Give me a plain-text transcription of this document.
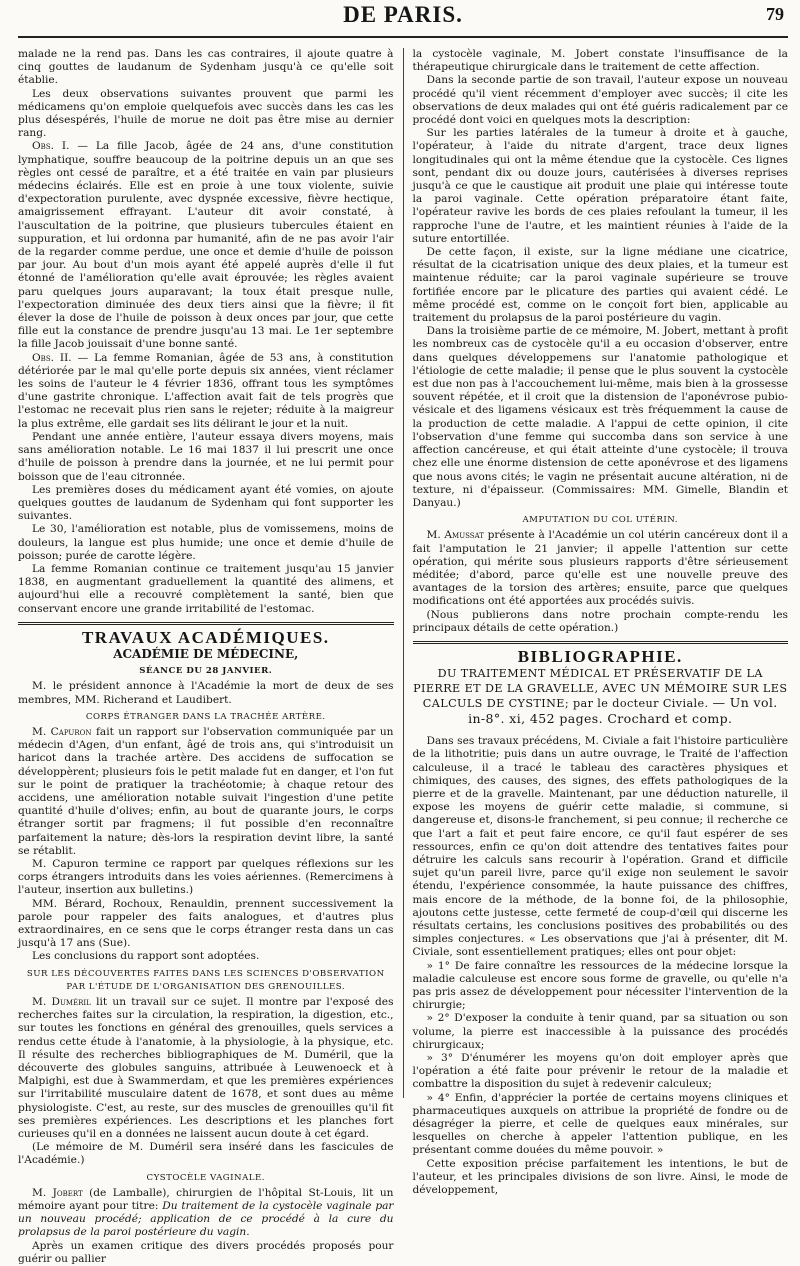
DE PARIS.	79

malade ne la rend pas. Dans les cas contraires, il ajoute quatre à cinq gouttes de laudanum de Sydenham jusqu'à ce qu'elle soit établie.

Les deux observations suivantes prouvent que parmi les médicamens qu'on emploie quelquefois avec succès dans les cas les plus désespérés, l'huile de morue ne doit pas être mise au dernier rang.

Obs. I. — La fille Jacob, âgée de 24 ans, d'une constitution lymphatique, souffre beaucoup de la poitrine depuis un an que ses règles ont cessé de paraître, et a été traitée en vain par plusieurs médecins éclairés. Elle est en proie à une toux violente, suivie d'expectoration purulente, avec dyspnée excessive, fièvre hectique, amaigrissement effrayant. L'auteur dit avoir constaté, à l'auscultation de la poitrine, que plusieurs tubercules étaient en suppuration, et lui ordonna par humanité, afin de ne pas avoir l'air de la regarder comme perdue, une once et demie d'huile de poisson par jour. Au bout d'un mois ayant été appelé auprès d'elle il fut étonné de l'amélioration qu'elle avait éprouvée; les règles avaient paru quelques jours auparavant; la toux était presque nulle, l'expectoration diminuée des deux tiers ainsi que la fièvre; il fit élever la dose de l'huile de poisson à deux onces par jour, que cette fille eut la constance de prendre jusqu'au 13 mai. Le 1er septembre la fille Jacob jouissait d'une bonne santé.

Obs. II. — La femme Romanian, âgée de 53 ans, à constitution détériorée par le mal qu'elle porte depuis six années, vient réclamer les soins de l'auteur le 4 février 1836, offrant tous les symptômes d'une gastrite chronique. L'affection avait fait de tels progrès que l'estomac ne recevait plus rien sans le rejeter; réduite à la maigreur la plus extrême, elle gardait ses lits délirant le jour et la nuit.

Pendant une année entière, l'auteur essaya divers moyens, mais sans amélioration notable. Le 16 mai 1837 il lui prescrit une once d'huile de poisson à prendre dans la journée, et ne lui permit pour boisson que de l'eau citronnée.

Les premières doses du médicament ayant été vomies, on ajoute quelques gouttes de laudanum de Sydenham qui font supporter les suivantes.

Le 30, l'amélioration est notable, plus de vomissemens, moins de douleurs, la langue est plus humide; une once et demie d'huile de poisson; purée de carotte légère.

La femme Romanian continue ce traitement jusqu'au 15 janvier 1838, en augmentant graduellement la quantité des alimens, et aujourd'hui elle a recouvré complètement la santé, bien que conservant encore une grande irritabilité de l'estomac.

TRAVAUX ACADÉMIQUES.
ACADÉMIE DE MÉDECINE,
SÉANCE DU 28 JANVIER.

M. le président annonce à l'Académie la mort de deux de ses membres, MM. Richerand et Laudibert.

CORPS ÉTRANGER DANS LA TRACHÉE ARTÈRE.

M. Capuron fait un rapport sur l'observation communiquée par un médecin d'Agen, d'un enfant, âgé de trois ans, qui s'introduisit un haricot dans la trachée artère. Des accidens de suffocation se développèrent; plusieurs fois le petit malade fut en danger, et l'on fut sur le point de pratiquer la trachéotomie; à chaque retour des accidens, une amélioration notable suivait l'ingestion d'une petite quantité d'huile d'olives; enfin, au bout de quarante jours, le corps étranger sortit par fragmens; il fut possible d'en reconnaître parfaitement la nature; dès-lors la respiration devint libre, la santé se rétablit.

M. Capuron termine ce rapport par quelques réflexions sur les corps étrangers introduits dans les voies aériennes. (Remercimens à l'auteur, insertion aux bulletins.)

MM. Bérard, Rochoux, Renauldin, prennent successivement la parole pour rappeler des faits analogues, et d'autres plus extraordinaires, en ce sens que le corps étranger resta dans un cas jusqu'à 17 ans (Sue).

Les conclusions du rapport sont adoptées.

SUR LES DÉCOUVERTES FAITES DANS LES SCIENCES D'OBSERVATION PAR L'ÉTUDE DE L'ORGANISATION DES GRENOUILLES.

M. Duméril lit un travail sur ce sujet. Il montre par l'exposé des recherches faites sur la circulation, la respiration, la digestion, etc., sur toutes les fonctions en général des grenouilles, quels services a rendus cette étude à l'anatomie, à la physiologie, à la physique, etc. Il résulte des recherches bibliographiques de M. Duméril, que la découverte des globules sanguins, attribuée à Leuwenoeck et à Malpighi, est due à Swammerdam, et que les premières expériences sur l'irritabilité musculaire datent de 1678, et sont dues au même physiologiste. C'est, au reste, sur des muscles de grenouilles qu'il fit ses premières expériences. Les descriptions et les planches fort curieuses qu'il en a données ne laissent aucun doute à cet égard.

(Le mémoire de M. Duméril sera inséré dans les fascicules de l'Académie.)

CYSTOCÈLE VAGINALE.

M. Jobert (de Lamballe), chirurgien de l'hôpital St-Louis, lit un mémoire ayant pour titre: Du traitement de la cystocèle vaginale par un nouveau procédé; application de ce procédé à la cure du prolapsus de la paroi postérieure du vagin.

Après un examen critique des divers procédés proposés pour guérir ou pallier

la cystocèle vaginale, M. Jobert constate l'insuffisance de la thérapeutique chirurgicale dans le traitement de cette affection.

Dans la seconde partie de son travail, l'auteur expose un nouveau procédé qu'il vient récemment d'employer avec succès; il cite les observations de deux malades qui ont été guéris radicalement par ce procédé dont voici en quelques mots la description:

Sur les parties latérales de la tumeur à droite et à gauche, l'opérateur, à l'aide du nitrate d'argent, trace deux lignes longitudinales qui ont la même étendue que la cystocèle. Ces lignes sont, pendant dix ou douze jours, cautérisées à diverses reprises jusqu'à ce que le caustique ait produit une plaie qui intéresse toute la paroi vaginale. Cette opération préparatoire étant faite, l'opérateur ravive les bords de ces plaies refoulant la tumeur, il les rapproche l'une de l'autre, et les maintient réunies à l'aide de la suture entortillée.

De cette façon, il existe, sur la ligne médiane une cicatrice, résultat de la cicatrisation unique des deux plaies, et la tumeur est maintenue réduite; car la paroi vaginale supérieure se trouve fortifiée encore par le plicature des parties qui avaient cédé. Le même procédé est, comme on le conçoit fort bien, applicable au traitement du prolapsus de la paroi postérieure du vagin.

Dans la troisième partie de ce mémoire, M. Jobert, mettant à profit les nombreux cas de cystocèle qu'il a eu occasion d'observer, entre dans quelques développemens sur l'anatomie pathologique et l'étiologie de cette maladie; il pense que le plus souvent la cystocèle est due non pas à l'accouchement lui-même, mais bien à la grossesse souvent répétée, et il croit que la distension de l'aponévrose pubio-vésicale et des ligamens vésicaux est très fréquemment la cause de la production de cette maladie. A l'appui de cette opinion, il cite l'observation d'une femme qui succomba dans son service à une affection cancéreuse, et qui était atteinte d'une cystocèle; il trouva chez elle une énorme distension de cette aponévrose et des ligamens que nous avons cités; le vagin ne présentait aucune altération, ni de texture, ni d'épaisseur. (Commissaires: MM. Gimelle, Blandin et Danyau.)

AMPUTATION DU COL UTÉRIN.

M. Amussat présente à l'Académie un col utérin cancéreux dont il a fait l'amputation le 21 janvier; il appelle l'attention sur cette opération, qui mérite sous plusieurs rapports d'être sérieusement méditée; d'abord, parce qu'elle est une nouvelle preuve des avantages de la torsion des artères; ensuite, parce que quelques modifications ont été apportées aux procédés suivis.

(Nous publierons dans notre prochain compte-rendu les principaux détails de cette opération.)

BIBLIOGRAPHIE.
DU TRAITEMENT MÉDICAL ET PRÉSERVATIF DE LA PIERRE ET DE LA GRAVELLE, AVEC UN MÉMOIRE SUR LES CALCULS DE CYSTINE; par le docteur Civiale. — Un vol. in-8°. xi, 452 pages. Crochard et comp.

Dans ses travaux précédens, M. Civiale a fait l'histoire particulière de la lithotritie; puis dans un autre ouvrage, le Traité de l'affection calculeuse, il a tracé le tableau des caractères physiques et chimiques, des causes, des signes, des effets pathologiques de la pierre et de la gravelle. Maintenant, par une déduction naturelle, il expose les moyens de guérir cette maladie, si commune, si dangereuse et, disons-le franchement, si peu connue; il recherche ce que l'art a fait et peut faire encore, ce qu'il faut espérer de ses ressources, enfin ce qu'on doit attendre des tentatives faites pour détruire les calculs sans recourir à l'opération. Grand et difficile sujet qu'un pareil livre, parce qu'il exige non seulement le savoir étendu, l'expérience consommée, la haute puissance des chiffres, mais encore de la méthode, de la bonne foi, de la philosophie, ajoutons cette justesse, cette fermeté de coup-d'œil qui discerne les résultats certains, les conclusions positives des probabilités ou des simples conjectures. « Les observations que j'ai à présenter, dit M. Civiale, sont essentiellement pratiques; elles ont pour objet:

» 1° De faire connaître les ressources de la médecine lorsque la maladie calculeuse est encore sous forme de gravelle, ou qu'elle n'a pas pris assez de développement pour nécessiter l'intervention de la chirurgie;

» 2° D'exposer la conduite à tenir quand, par sa situation ou son volume, la pierre est inaccessible à la puissance des procédés chirurgicaux;

» 3° D'énumérer les moyens qu'on doit employer après que l'opération a été faite pour prévenir le retour de la maladie et combattre la disposition du sujet à redevenir calculeux;

» 4° Enfin, d'apprécier la portée de certains moyens cliniques et pharmaceutiques auxquels on attribue la propriété de fondre ou de désagréger la pierre, et celle de quelques eaux minérales, sur lesquelles on cherche à appeler l'attention publique, en les présentant comme douées du même pouvoir. »

Cette exposition précise parfaitement les intentions, le but de l'auteur, et les principales divisions de son livre. Ainsi, le mode de développement,
